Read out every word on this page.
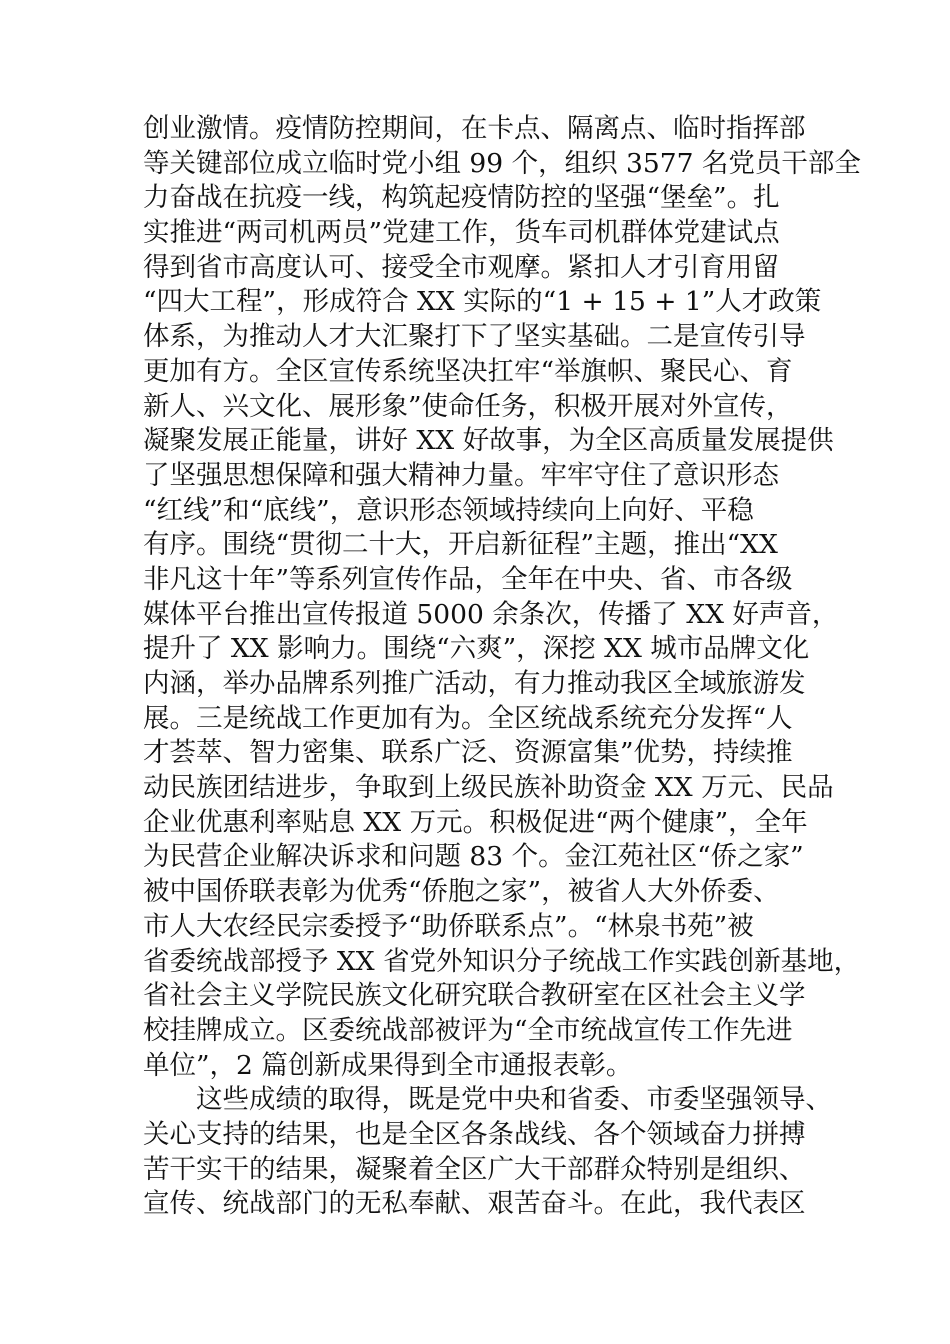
创业激情。疫情防控期间，在卡点、隔离点、临时指挥部
等关键部位成立临时党小组 99 个，组织 3577 名党员干部全
力奋战在抗疫一线，构筑起疫情防控的坚强“堡垒”。扎
实推进“两司机两员”党建工作，货车司机群体党建试点
得到省市高度认可、接受全市观摩。紧扣人才引育用留
“四大工程”，形成符合 XX 实际的“1 + 15 + 1”人才政策
体系，为推动人才大汇聚打下了坚实基础。二是宣传引导
更加有方。全区宣传系统坚决扛牢“举旗帜、聚民心、育
新人、兴文化、展形象”使命任务，积极开展对外宣传，
凝聚发展正能量，讲好 XX 好故事，为全区高质量发展提供
了坚强思想保障和强大精神力量。牢牢守住了意识形态
“红线”和“底线”，意识形态领域持续向上向好、平稳
有序。围绕“贯彻二十大，开启新征程”主题，推出“XX
非凡这十年”等系列宣传作品，全年在中央、省、市各级
媒体平台推出宣传报道 5000 余条次，传播了 XX 好声音，
提升了 XX 影响力。围绕“六爽”，深挖 XX 城市品牌文化
内涵，举办品牌系列推广活动，有力推动我区全域旅游发
展。三是统战工作更加有为。全区统战系统充分发挥“人
才荟萃、智力密集、联系广泛、资源富集”优势，持续推
动民族团结进步，争取到上级民族补助资金 XX 万元、民品
企业优惠利率贴息 XX 万元。积极促进“两个健康”，全年
为民营企业解决诉求和问题 83 个。金江苑社区“侨之家”
被中国侨联表彰为优秀“侨胞之家”，被省人大外侨委、
市人大农经民宗委授予“助侨联系点”。“林泉书苑”被
省委统战部授予 XX 省党外知识分子统战工作实践创新基地，
省社会主义学院民族文化研究联合教研室在区社会主义学
校挂牌成立。区委统战部被评为“全市统战宣传工作先进
单位”，2 篇创新成果得到全市通报表彰。
这些成绩的取得，既是党中央和省委、市委坚强领导、
关心支持的结果，也是全区各条战线、各个领域奋力拼搏
苦干实干的结果，凝聚着全区广大干部群众特别是组织、
宣传、统战部门的无私奉献、艰苦奋斗。在此，我代表区
